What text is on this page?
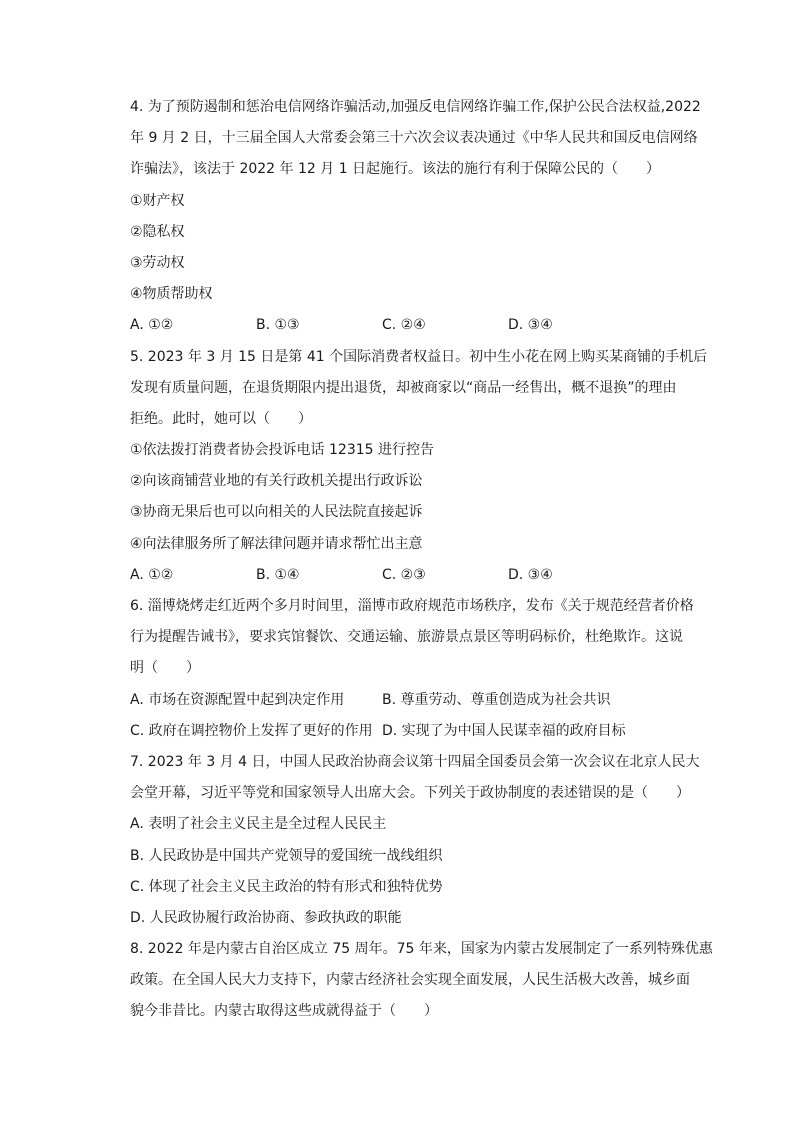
4. 为了预防遏制和惩治电信网络诈骗活动,加强反电信网络诈骗工作,保护公民合法权益,2022
年 9 月 2 日，十三届全国人大常委会第三十六次会议表决通过《中华人民共和国反电信网络
诈骗法》，该法于 2022 年 12 月 1 日起施行。该法的施行有利于保障公民的（　　）
①财产权
②隐私权
③劳动权
④物质帮助权
A. ①②	B. ①③	C. ②④	D. ③④
5. 2023 年 3 月 15 日是第 41 个国际消费者权益日。初中生小花在网上购买某商铺的手机后
发现有质量问题，在退货期限内提出退货，却被商家以“商品一经售出，概不退换”的理由
拒绝。此时，她可以（　　）
①依法拨打消费者协会投诉电话 12315 进行控告
②向该商铺营业地的有关行政机关提出行政诉讼
③协商无果后也可以向相关的人民法院直接起诉
④向法律服务所了解法律问题并请求帮忙出主意
A. ①②	B. ①④	C. ②③	D. ③④
6. 淄博烧烤走红近两个多月时间里，淄博市政府规范市场秩序，发布《关于规范经营者价格
行为提醒告诫书》，要求宾馆餐饮、交通运输、旅游景点景区等明码标价，杜绝欺诈。这说
明（　　）
A. 市场在资源配置中起到决定作用	B. 尊重劳动、尊重创造成为社会共识
C. 政府在调控物价上发挥了更好的作用 D. 实现了为中国人民谋幸福的政府目标
7. 2023 年 3 月 4 日，中国人民政治协商会议第十四届全国委员会第一次会议在北京人民大
会堂开幕，习近平等党和国家领导人出席大会。下列关于政协制度的表述错误的是（　　）
A. 表明了社会主义民主是全过程人民民主
B. 人民政协是中国共产党领导的爱国统一战线组织
C. 体现了社会主义民主政治的特有形式和独特优势
D. 人民政协履行政治协商、参政执政的职能
8. 2022 年是内蒙古自治区成立 75 周年。75 年来，国家为内蒙古发展制定了一系列特殊优惠
政策。在全国人民大力支持下，内蒙古经济社会实现全面发展，人民生活极大改善，城乡面
貌今非昔比。内蒙古取得这些成就得益于（　　）
